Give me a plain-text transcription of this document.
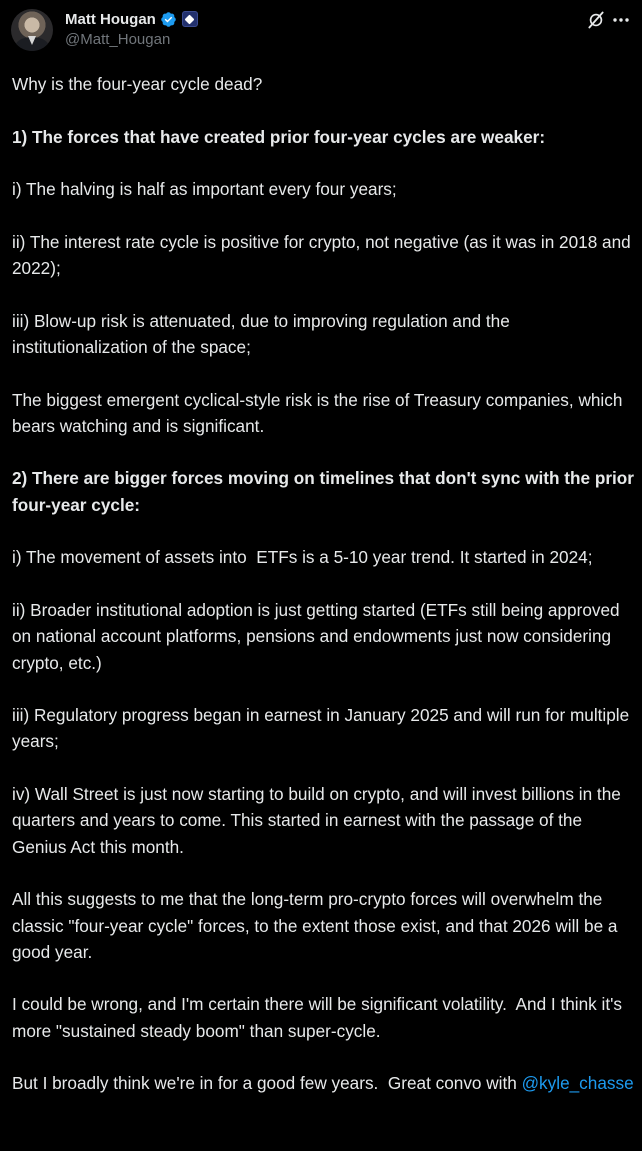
Matt Hougan
@Matt_Hougan
Why is the four-year cycle dead?
1) The forces that have created prior four-year cycles are weaker:
i) The halving is half as important every four years;
ii) The interest rate cycle is positive for crypto, not negative (as it was in 2018 and 2022);
iii) Blow-up risk is attenuated, due to improving regulation and the institutionalization of the space;
The biggest emergent cyclical-style risk is the rise of Treasury companies, which bears watching and is significant.
2) There are bigger forces moving on timelines that don't sync with the prior four-year cycle:
i) The movement of assets into  ETFs is a 5-10 year trend. It started in 2024;
ii) Broader institutional adoption is just getting started (ETFs still being approved on national account platforms, pensions and endowments just now considering crypto, etc.)
iii) Regulatory progress began in earnest in January 2025 and will run for multiple years;
iv) Wall Street is just now starting to build on crypto, and will invest billions in the quarters and years to come. This started in earnest with the passage of the Genius Act this month.
All this suggests to me that the long-term pro-crypto forces will overwhelm the classic "four-year cycle" forces, to the extent those exist, and that 2026 will be a good year.
I could be wrong, and I'm certain there will be significant volatility.  And I think it's more "sustained steady boom" than super-cycle.
But I broadly think we're in for a good few years.  Great convo with @kyle_chasse
